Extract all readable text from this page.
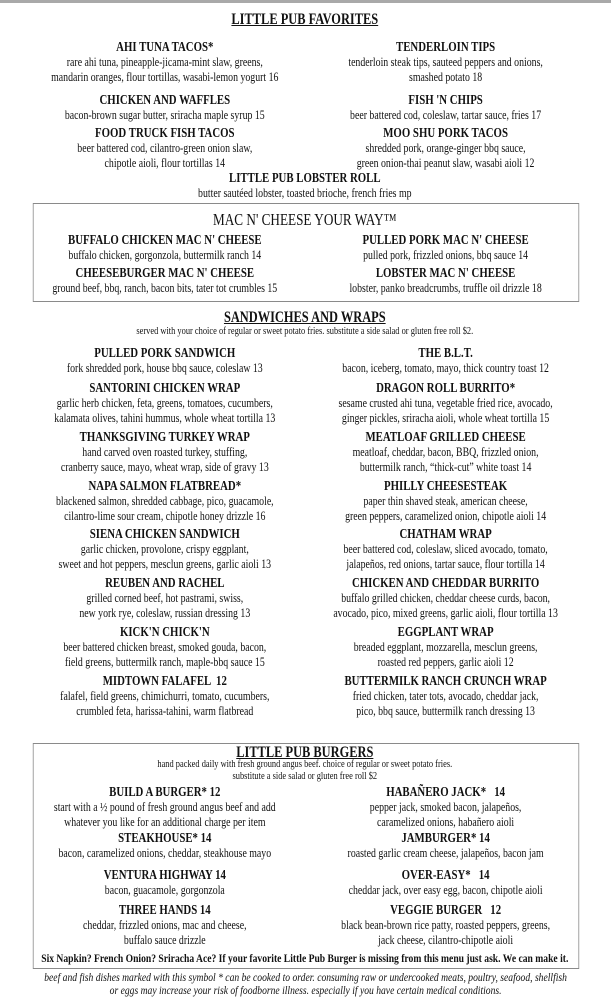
LITTLE PUB FAVORITES
AHI TUNA TACOS*
rare ahi tuna, pineapple-jicama-mint slaw, greens,
mandarin oranges, flour tortillas, wasabi-lemon yogurt 16
TENDERLOIN TIPS
tenderloin steak tips, sauteed peppers and onions,
smashed potato 18
CHICKEN AND WAFFLES
bacon-brown sugar butter, sriracha maple syrup 15
FISH 'N CHIPS
beer battered cod, coleslaw, tartar sauce, fries 17
FOOD TRUCK FISH TACOS
beer battered cod, cilantro-green onion slaw,
chipotle aioli, flour tortillas 14
MOO SHU PORK TACOS
shredded pork, orange-ginger bbq sauce,
green onion-thai peanut slaw, wasabi aioli 12
LITTLE PUB LOBSTER ROLL
butter sautéed lobster, toasted brioche, french fries mp
MAC N' CHEESE YOUR WAY™
BUFFALO CHICKEN MAC N' CHEESE
buffalo chicken, gorgonzola, buttermilk ranch 14
PULLED PORK MAC N' CHEESE
pulled pork, frizzled onions, bbq sauce 14
CHEESEBURGER MAC N' CHEESE
ground beef, bbq, ranch, bacon bits, tater tot crumbles 15
LOBSTER MAC N' CHEESE
lobster, panko breadcrumbs, truffle oil drizzle 18
SANDWICHES AND WRAPS
served with your choice of regular or sweet potato fries. substitute a side salad or gluten free roll $2.
PULLED PORK SANDWICH
fork shredded pork, house bbq sauce, coleslaw 13
THE B.L.T.
bacon, iceberg, tomato, mayo, thick country toast 12
SANTORINI CHICKEN WRAP
garlic herb chicken, feta, greens, tomatoes, cucumbers,
kalamata olives, tahini hummus, whole wheat tortilla 13
DRAGON ROLL BURRITO*
sesame crusted ahi tuna, vegetable fried rice, avocado,
ginger pickles, sriracha aioli, whole wheat tortilla 15
THANKSGIVING TURKEY WRAP
hand carved oven roasted turkey, stuffing,
cranberry sauce, mayo, wheat wrap, side of gravy 13
MEATLOAF GRILLED CHEESE
meatloaf, cheddar, bacon, BBQ, frizzled onion,
buttermilk ranch, “thick-cut” white toast 14
NAPA SALMON FLATBREAD*
blackened salmon, shredded cabbage, pico, guacamole,
cilantro-lime sour cream, chipotle honey drizzle 16
PHILLY CHEESESTEAK
paper thin shaved steak, american cheese,
green peppers, caramelized onion, chipotle aioli 14
SIENA CHICKEN SANDWICH
garlic chicken, provolone, crispy eggplant,
sweet and hot peppers, mesclun greens, garlic aioli 13
CHATHAM WRAP
beer battered cod, coleslaw, sliced avocado, tomato,
jalapeños, red onions, tartar sauce, flour tortilla 14
REUBEN AND RACHEL
grilled corned beef, hot pastrami, swiss,
new york rye, coleslaw, russian dressing 13
CHICKEN AND CHEDDAR BURRITO
buffalo grilled chicken, cheddar cheese curds, bacon,
avocado, pico, mixed greens, garlic aioli, flour tortilla 13
KICK'N CHICK'N
beer battered chicken breast, smoked gouda, bacon,
field greens, buttermilk ranch, maple-bbq sauce 15
EGGPLANT WRAP
breaded eggplant, mozzarella, mesclun greens,
roasted red peppers, garlic aioli 12
MIDTOWN FALAFEL  12
falafel, field greens, chimichurri, tomato, cucumbers,
crumbled feta, harissa-tahini, warm flatbread
BUTTERMILK RANCH CRUNCH WRAP
fried chicken, tater tots, avocado, cheddar jack,
pico, bbq sauce, buttermilk ranch dressing 13
LITTLE PUB BURGERS
hand packed daily with fresh ground angus beef. choice of regular or sweet potato fries.
substitute a side salad or gluten free roll $2
BUILD A BURGER* 12
start with a ½ pound of fresh ground angus beef and add
whatever you like for an additional charge per item
HABAÑERO JACK*   14
pepper jack, smoked bacon, jalapeños,
caramelized onions, habañero aioli
STEAKHOUSE* 14
bacon, caramelized onions, cheddar, steakhouse mayo
JAMBURGER* 14
roasted garlic cream cheese, jalapeños, bacon jam
VENTURA HIGHWAY 14
bacon, guacamole, gorgonzola
OVER-EASY*   14
cheddar jack, over easy egg, bacon, chipotle aioli
THREE HANDS 14
cheddar, frizzled onions, mac and cheese,
buffalo sauce drizzle
VEGGIE BURGER   12
black bean-brown rice patty, roasted peppers, greens,
jack cheese, cilantro-chipotle aioli
Six Napkin? French Onion? Sriracha Ace? If your favorite Little Pub Burger is missing from this menu just ask. We can make it.
beef and fish dishes marked with this symbol * can be cooked to order. consuming raw or undercooked meats, poultry, seafood, shellfish
or eggs may increase your risk of foodborne illness. especially if you have certain medical conditions.
